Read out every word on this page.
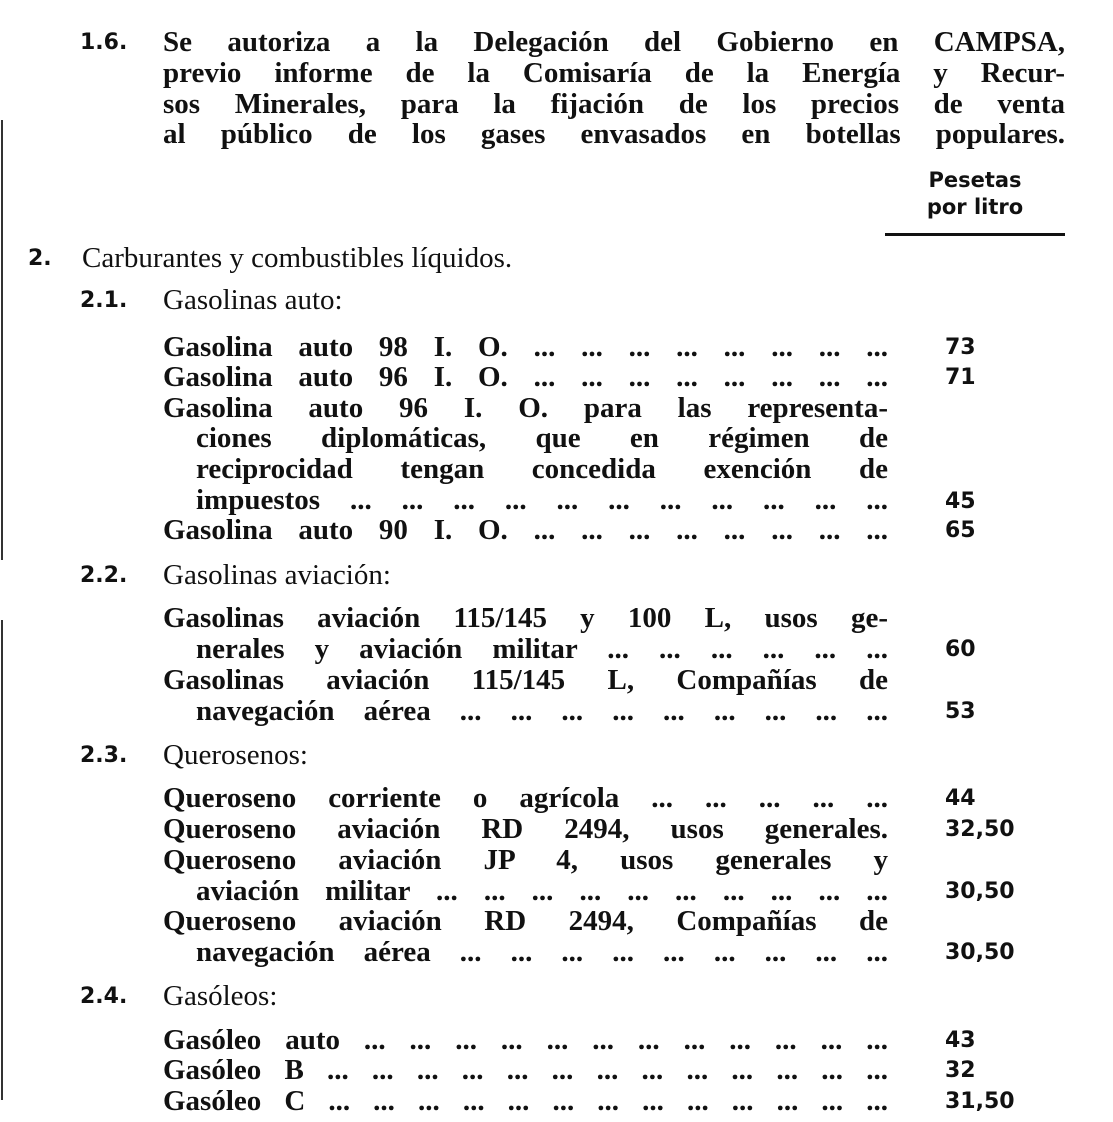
1.6. Se autoriza a la Delegación del Gobierno en CAMPSA,
previo informe de la Comisaría de la Energía y Recur-
sos Minerales, para la fijación de los precios de venta
al público de los gases envasados en botellas populares.
Pesetas
por litro
2. Carburantes y combustibles líquidos.
2.1. Gasolinas auto:
Gasolina auto 98 I. O. ... ... ... ... ... ... ... ...	73
Gasolina auto 96 I. O. ... ... ... ... ... ... ... ...	71
Gasolina auto 96 I. O. para las representa-
ciones diplomáticas, que en régimen de
reciprocidad tengan concedida exención de
impuestos ... ... ... ... ... ... ... ... ... ... ...	45
Gasolina auto 90 I. O. ... ... ... ... ... ... ... ...	65
2.2. Gasolinas aviación:
Gasolinas aviación 115/145 y 100 L, usos ge-
nerales y aviación militar ... ... ... ... ... ...	60
Gasolinas aviación 115/145 L, Compañías de
navegación aérea ... ... ... ... ... ... ... ... ...	53
2.3. Querosenos:
Queroseno corriente o agrícola ... ... ... ... ...	44
Queroseno aviación RD 2494, usos generales.	32,50
Queroseno aviación JP 4, usos generales y
aviación militar ... ... ... ... ... ... ... ... ... ...	30,50
Queroseno aviación RD 2494, Compañías de
navegación aérea ... ... ... ... ... ... ... ... ...	30,50
2.4. Gasóleos:
Gasóleo auto ... ... ... ... ... ... ... ... ... ... ... ...	43
Gasóleo B ... ... ... ... ... ... ... ... ... ... ... ... ...	32
Gasóleo C ... ... ... ... ... ... ... ... ... ... ... ... ...	31,50
